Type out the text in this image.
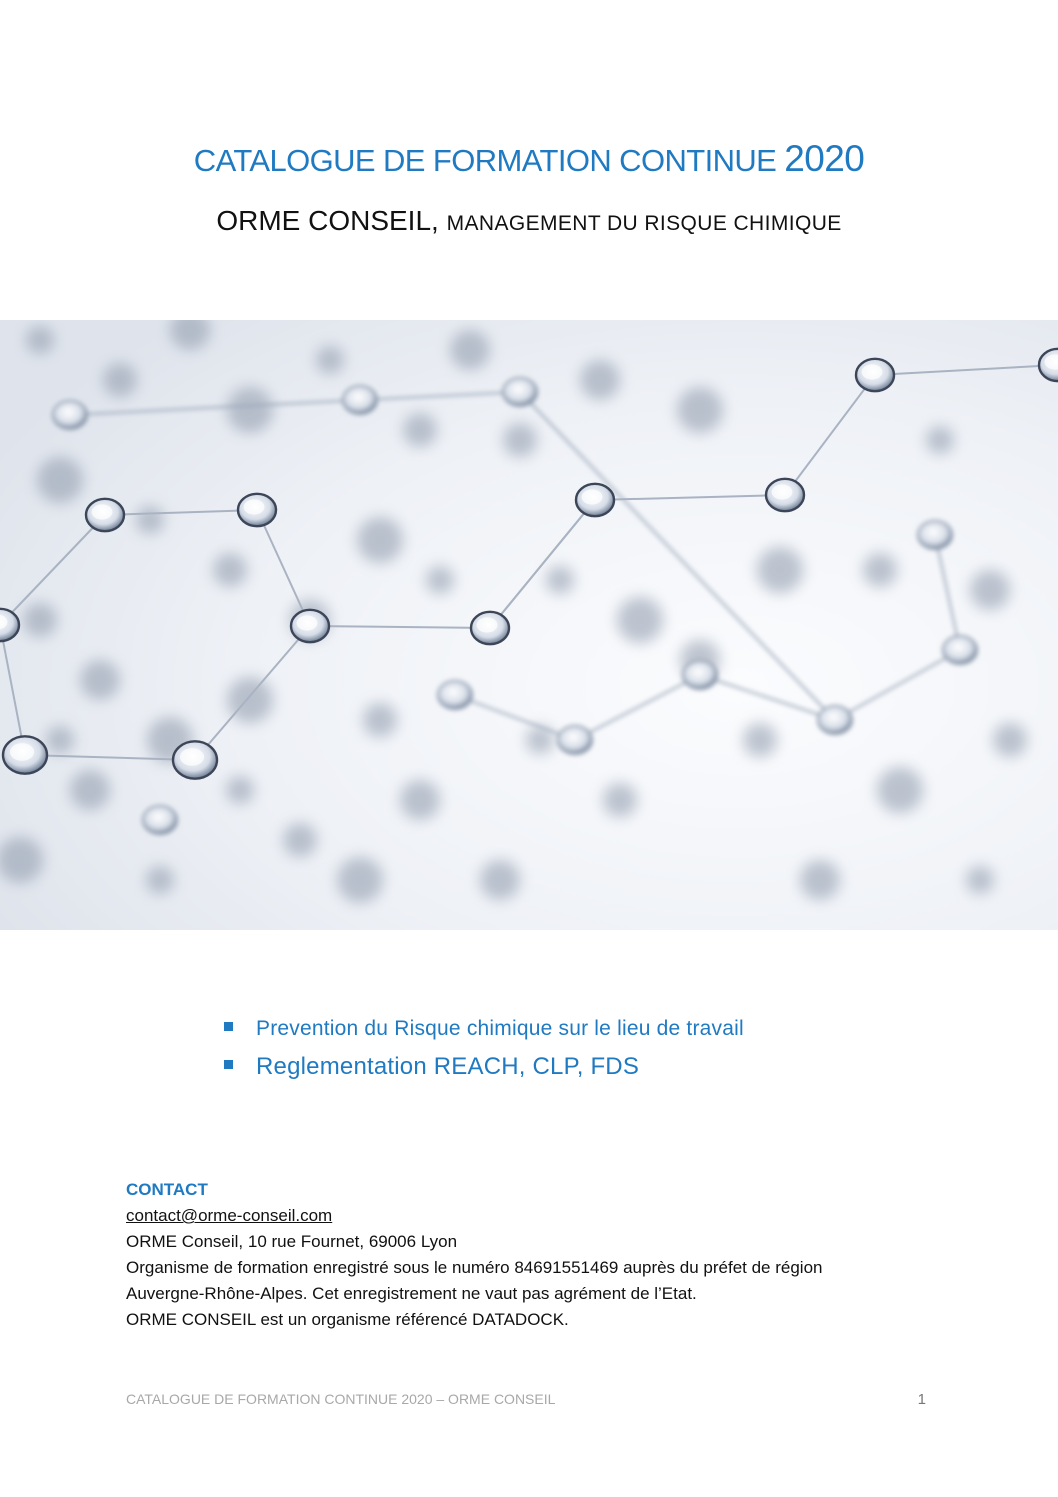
CATALOGUE DE FORMATION CONTINUE 2020
ORME CONSEIL, MANAGEMENT DU RISQUE CHIMIQUE
Prevention du Risque chimique sur le lieu de travail
Reglementation REACH, CLP, FDS
CONTACT
contact@orme-conseil.com
ORME Conseil, 10 rue Fournet, 69006 Lyon
Organisme de formation enregistré sous le numéro 84691551469 auprès du préfet de région
Auvergne-Rhône-Alpes. Cet enregistrement ne vaut pas agrément de l’Etat.
ORME CONSEIL est un organisme référencé DATADOCK.
CATALOGUE DE FORMATION CONTINUE 2020 – ORME CONSEIL	1
